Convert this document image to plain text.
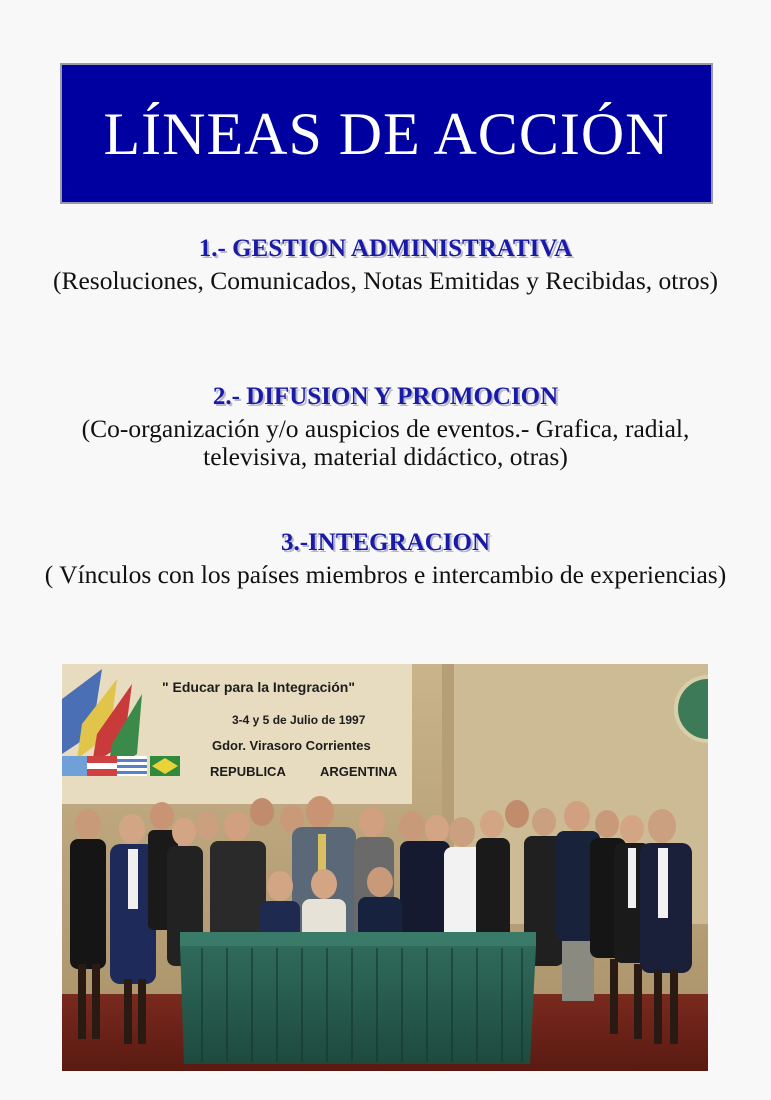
LÍNEAS DE ACCIÓN

1.- GESTION ADMINISTRATIVA

(Resoluciones, Comunicados, Notas Emitidas y Recibidas, otros)

2.- DIFUSION Y PROMOCION

(Co-organización y/o auspicios de eventos.- Grafica, radial, televisiva, material didáctico, otras)

3.-INTEGRACION

( Vínculos con los países miembros e intercambio de experiencias)

" Educar para la Integración"
3-4 y 5 de Julio de 1997
Gdor. Virasoro Corrientes
REPUBLICA	ARGENTINA
